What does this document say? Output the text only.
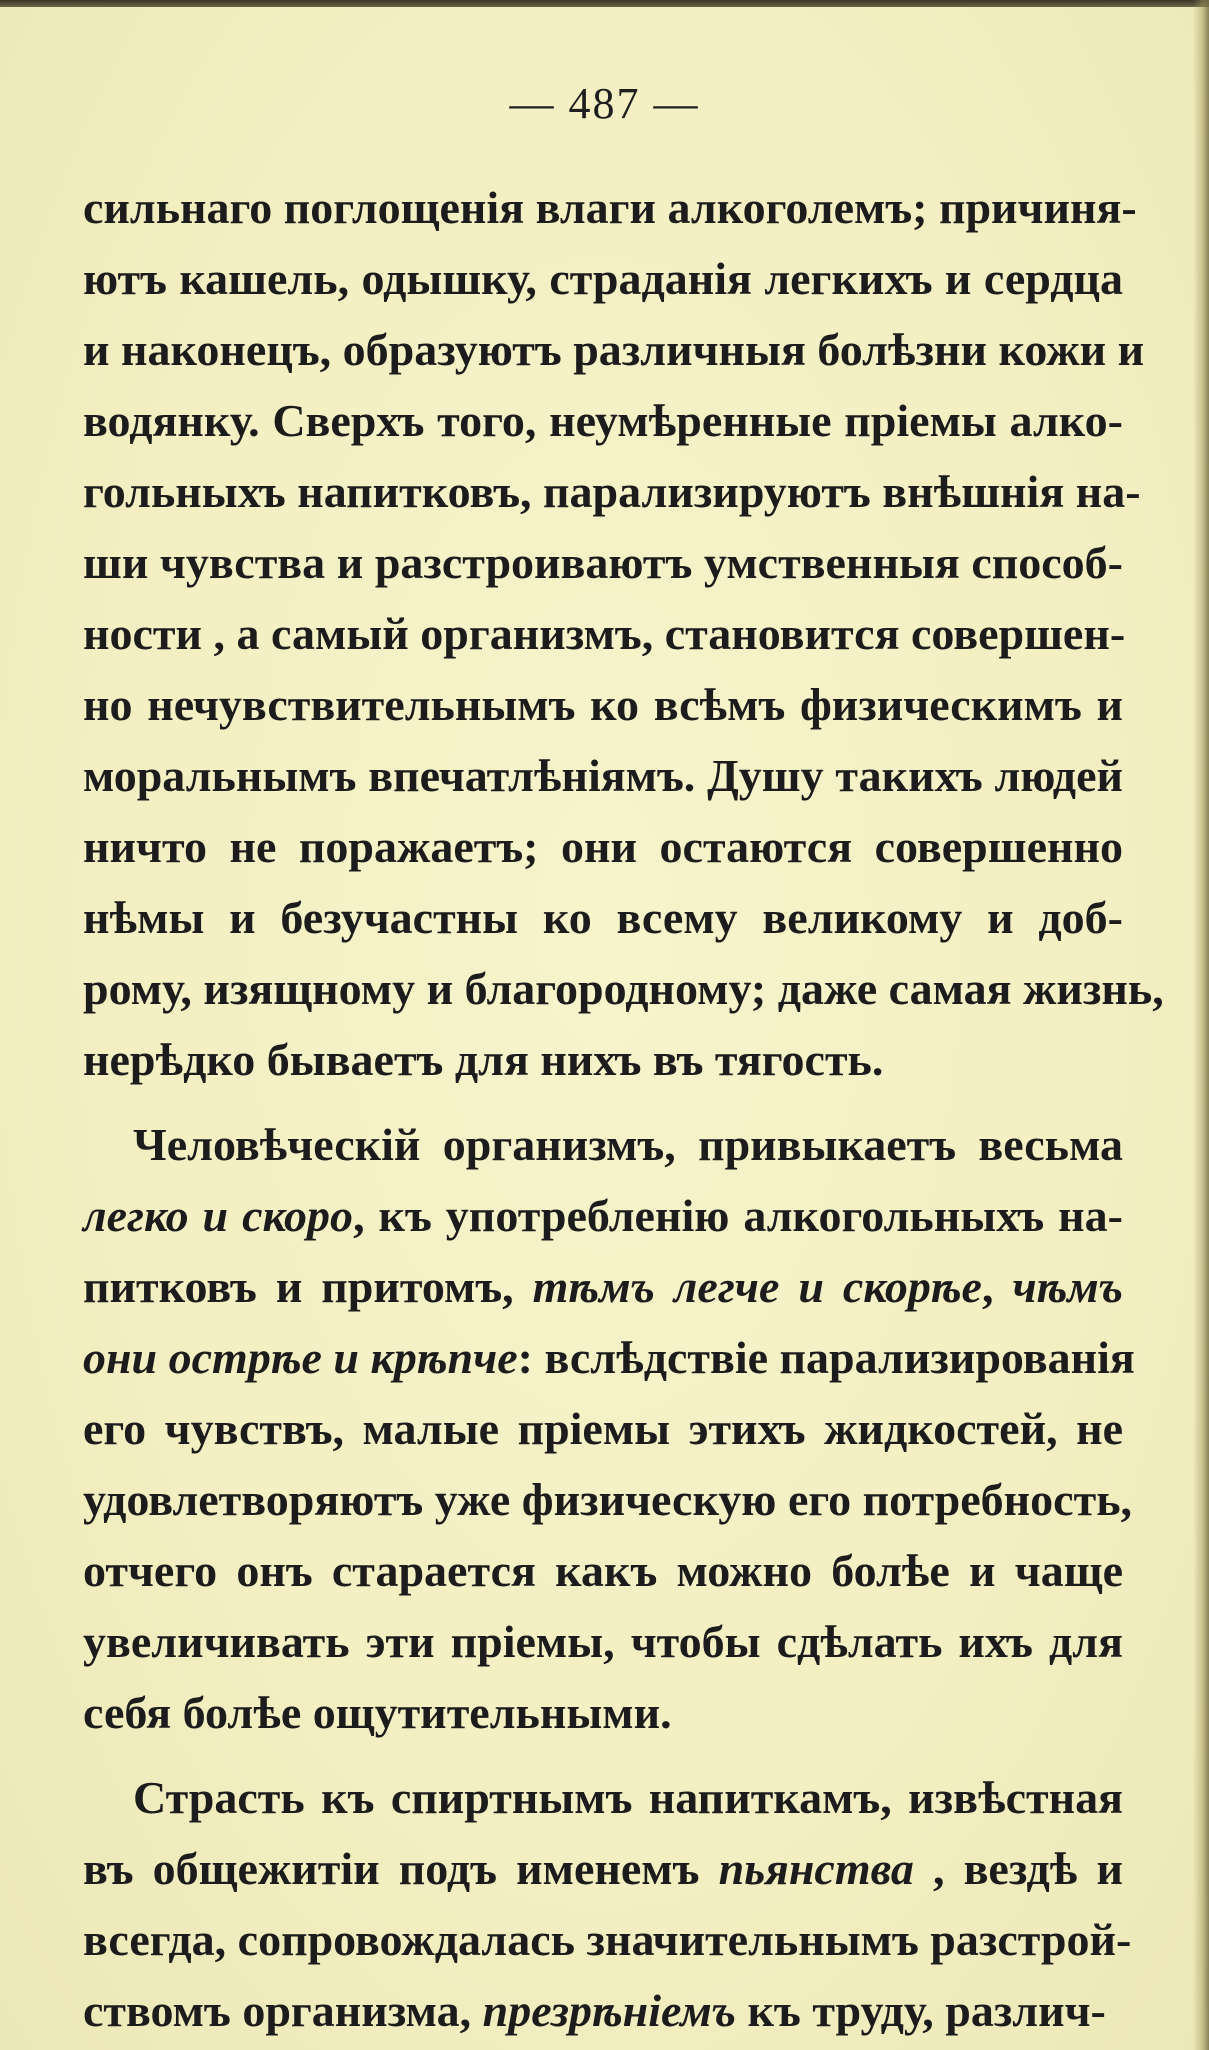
— 487 —
сильнаго поглощенія влаги алкоголемъ; причиня-
ютъ кашель, одышку, страданія легкихъ и сердца
и наконецъ, образуютъ различныя болѣзни кожи и
водянку. Сверхъ того, неумѣренные пріемы алко-
гольныхъ напитковъ, парализируютъ внѣшнія на-
ши чувства и разстроиваютъ умственныя способ-
ности , а самый организмъ, становится совершен-
но нечувствительнымъ ко всѣмъ физическимъ и
моральнымъ впечатлѣніямъ. Душу такихъ людей
ничто не поражаетъ; они остаются совершенно
нѣмы и безучастны ко всему великому и доб-
рому, изящному и благородному; даже самая жизнь,
нерѣдко бываетъ для нихъ въ тягость.
Человѣческій организмъ, привыкаетъ весьма
легко и скоро, къ употребленію алкогольныхъ на-
питковъ и притомъ, тѣмъ легче и скорѣе, чѣмъ
они острѣе и крѣпче: вслѣдствіе парализированія
его чувствъ, малые пріемы этихъ жидкостей, не
удовлетворяютъ уже физическую его потребность,
отчего онъ старается какъ можно болѣе и чаще
увеличивать эти пріемы, чтобы сдѣлать ихъ для
себя болѣе ощутительными.
Страсть къ спиртнымъ напиткамъ, извѣстная
въ общежитіи подъ именемъ пьянства , вездѣ и
всегда, сопровождалась значительнымъ разстрой-
ствомъ организма, презрѣніемъ къ труду, различ-
